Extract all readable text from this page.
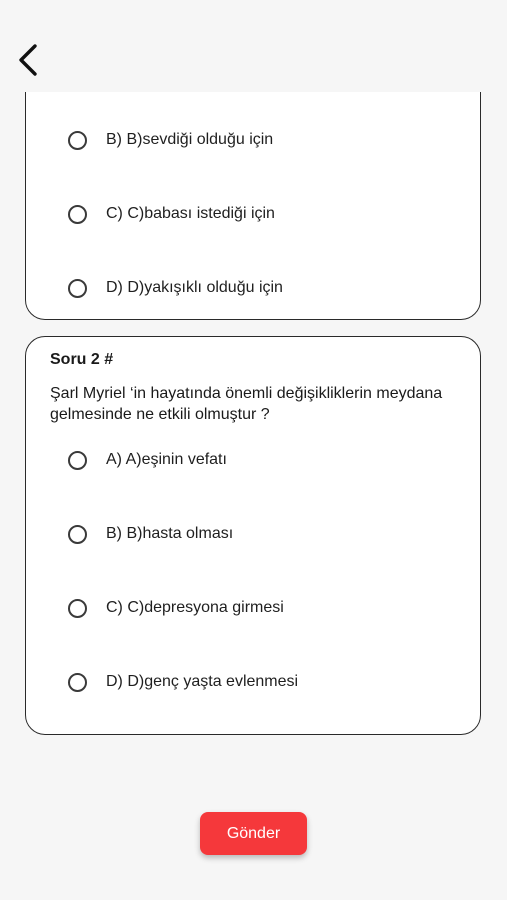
B) B)sevdiği olduğu için
C) C)babası istediği için
D) D)yakışıklı olduğu için
Soru 2 #
Şarl Myriel ‘in hayatında önemli değişikliklerin meydana gelmesinde ne etkili olmuştur ?
A) A)eşinin vefatı
B) B)hasta olması
C) C)depresyona girmesi
D) D)genç yaşta evlenmesi
Gönder
